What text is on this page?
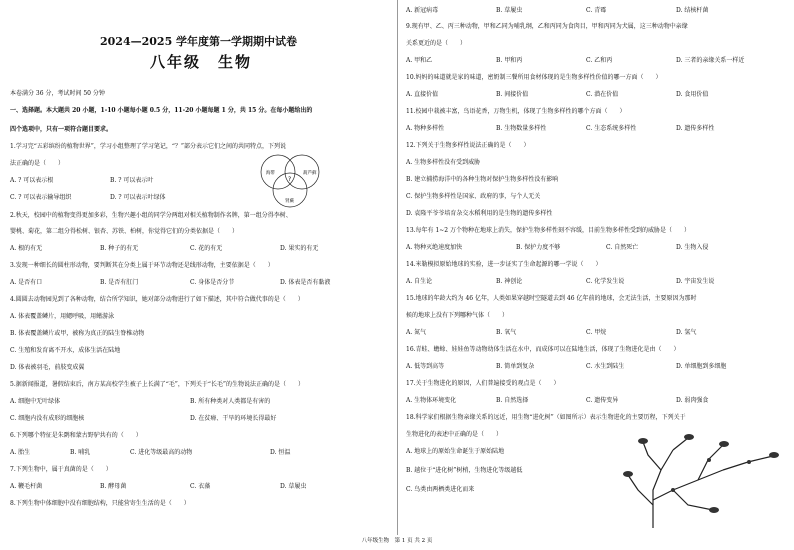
2024—2025 学年度第一学期期中试卷
八年级　生物
本卷满分 36 分，考试时间 50 分钟
一、选择题。本大题共 20 小题，1-10 小题每小题 0.5 分，11-20 小题每题 1 分，共 15 分。在每小题给出的
四个选项中，只有一项符合题目要求。
1.学习完“五彩缤纷的植物世界”，学习小组整理了学习笔记，“？”部分表示它们之间的共同特点，下列说
法正确的是（　　）
A. ? 可以表示根	B. ? 可以表示叶
C. ? 可以表示输导组织	D. ? 可以表示叶绿体
海带	葫芦藓
肾蕨
?
2.秋天，校园中的植物变得更加多彩，生物兴趣小组的同学分两组对相关植物制作名牌，第一组分得李树、
婴桃、菊花，第二组分得松树、银杏、苏铁、柏树，你觉得它们的分类依据是（　　）
A. 根的有无	B. 种子的有无	C. 花的有无	D. 果实的有无
3.发现一种细长的圆柱形动物，要判断其在分类上属于环节动物还是线形动物，主要依据是（　　）
A. 是否有口	B. 是否有肛门	C. 身体是否分节	D. 体表是否有黏液
4.圆圆去动物园见到了各种动物，结合所学知识，她对部分动物进行了如下描述，其中符合做代事的是（　　）
A. 体表覆盖鳞片，用鳃呼吸，用鳍游泳
B. 体表覆盖鳞片或甲，被称为真正的陆生脊椎动物
C. 生殖和发育离不开水，成体生活在陆地
D. 体表被羽毛，前肢变成翼
5.据新闻报道，暑假结束后，南方某高校学生被子上长满了“毛”，下列关于“长毛”的生物说法正确的是（　　）
A. 细胞中无叶绿体	B. 所有种类对人类都是有害的
C. 细胞内没有成形的细胞核	D. 在贫瘠、干旱的环境长得最好
6.下列哪个特征是朱鹮和蒙古野驴共有的（　　）
A. 胎生	B. 哺乳	C. 进化等级最高的动物	D. 恒温
7.下列生物中，属于真菌的是（　　）
A. 鞭毛杆菌	B. 酵母菌	C. 衣藻	D. 草履虫
8.下列生物中体细胞中没有细胞结构，只能营寄生生活的是（　　）
A. 新冠病毒	B. 草履虫	C. 青霉	D. 结核杆菌
9.现有甲、乙、丙三种动物，甲和乙同为哺乳纲，乙和丙同为食肉目，甲和丙同为犬属，这三种动物中亲缘
关系更近的是（　　）
A. 甲和乙	B. 甲和丙	C. 乙和丙	D. 三者的亲缘关系一样近
10.妈妈的味道就是家的味道，密奶制三餐所用食材体现的是生物多样性价值的哪一方面（　　）
A. 直接价值	B. 间接价值	C. 潜在价值	D. 食用价值
11.校园中栽被丰富，鸟语花香，万物生机，体现了生物多样性的哪个方面（　　）
A. 物种多样性	B. 生物数量多样性	C. 生态系统多样性	D. 遗传多样性
12.下列关于生物多样性说法正确的是（　　）
A. 生物多样性没有受到威胁
B. 建立捕捞海洋中的各种生物对保护生物多样性没有影响
C. 保护生物多样性是国家、政府的事，与个人无关
D. 袁隆平爷爷培育杂交水稻利用的是生物的遗传多样性
13.每年有 1~2 万个物种在地球上消失，保护生物多样性刻不容缓，目前生物多样性受到的威胁是（　　）
A. 物种灭绝速度加快	B. 保护力度不够	C. 自然死亡	D. 生物入侵
14.米勒模拟原始地球的实验，进一步证实了生命起源的哪一学说（　　）
A. 自生论	B. 神创论	C. 化学发生说	D. 宇宙发生说
15.地球的年龄大约为 46 亿年，人类如果穿越时空隧道去到 46 亿年前的地球，会无法生活，主要原因为那时
候的地球上没有下列哪种气体（　　）
A. 氮气	B. 氧气	C. 甲烷	D. 氢气
16.青蛙、蟾蜍、娃娃鱼等动物幼体生活在水中，而成体可以在陆地生活，体现了生物进化是由（　　）
A. 低等到高等	B. 简单到复杂	C. 水生到陆生	D. 单细胞到多细胞
17.关于生物进化的原因，人们普遍接受的观点是（　　）
A. 生物体环境变化	B. 自然选择	C. 遗传变异	D. 弱肉强食
18.科学家们根据生物亲缘关系的远近，用生物“进化树”（如图所示）表示生物进化的主要历程，下列关于
生物进化的表述中正确的是（　　）
A. 地球上的原始生命诞生于原始陆地
B. 越位于“进化树”树梢，生物进化等级越低
C. 鸟类由两栖类进化而来
八年级生物　第 1 页 共 2 页
